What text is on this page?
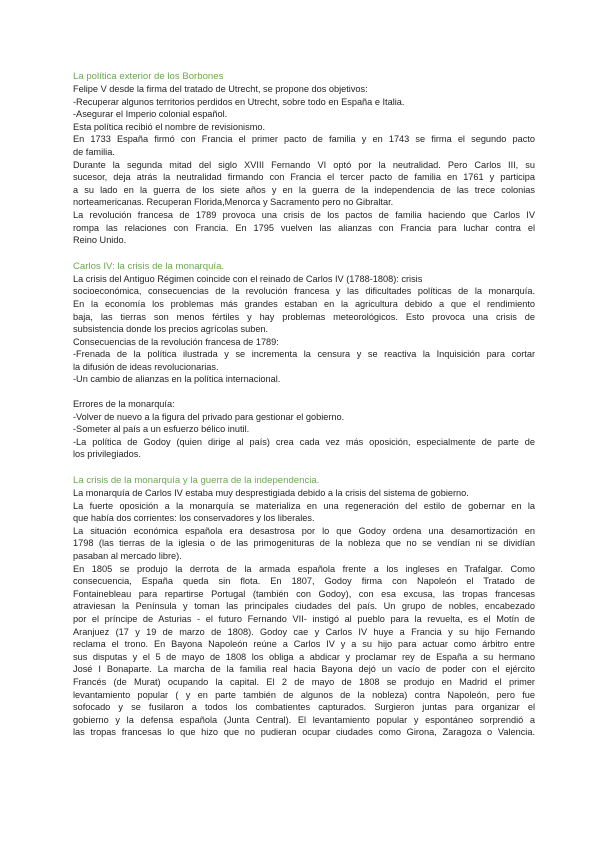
La política exterior de los Borbones
Felipe V desde la firma del tratado de Utrecht, se propone dos objetivos:
-Recuperar algunos territorios perdidos en Utrecht, sobre todo en España e Italia.
-Asegurar el Imperio colonial español.
Esta política recibió el nombre de revisionismo.
En 1733 España firmó con Francia el primer pacto de familia y en 1743 se firma el segundo pacto
de familia.
Durante la segunda mitad del siglo XVIII Fernando VI optó por la neutralidad. Pero Carlos III, su
sucesor, deja atrás la neutralidad firmando con Francia el tercer pacto de familia en 1761 y participa
a su lado en la guerra de los siete años y en la guerra de la independencia de las trece colonias
norteamericanas. Recuperan Florida,Menorca y Sacramento pero no Gibraltar.
La revolución francesa de 1789 provoca una crisis de los pactos de familia haciendo que Carlos IV
rompa las relaciones con Francia. En 1795 vuelven las alianzas con Francia para luchar contra el
Reino Unido.
Carlos IV: la crisis de la monarquía.
La crisis del Antiguo Régimen coincide con el reinado de Carlos IV (1788-1808): crisis
socioeconómica, consecuencias de la revolución francesa y las dificultades políticas de la monarquía.
En la economía los problemas más grandes estaban en la agricultura debido a que el rendimiento
baja, las tierras son menos fértiles y hay problemas meteorológicos. Esto provoca una crisis de
subsistencia donde los precios agrícolas suben.
Consecuencias de la revolución francesa de 1789:
-Frenada de la política ilustrada y se incrementa la censura y se reactiva la Inquisición para cortar
la difusión de ideas revolucionarias.
-Un cambio de alianzas en la política internacional.
Errores de la monarquía:
-Volver de nuevo a la figura del privado para gestionar el gobierno.
-Someter al país a un esfuerzo bélico inutil.
-La política de Godoy (quien dirige al país) crea cada vez más oposición, especialmente de parte de
los privilegiados.
La crisis de la monarquía y la guerra de la independencia.
La monarquía de Carlos IV estaba muy desprestigiada debido a la crisis del sistema de gobierno.
La fuerte oposición a la monarquía se materializa en una regeneración del estilo de gobernar en la
que había dos corrientes: los conservadores y los liberales.
La situación económica española era desastrosa por lo que Godoy ordena una desamortización en
1798 (las tierras de la iglesia o de las primogenituras de la nobleza que no se vendían ni se dividían
pasaban al mercado libre).
En 1805 se produjo la derrota de la armada española frente a los ingleses en Trafalgar. Como
consecuencia, España queda sin flota. En 1807, Godoy firma con Napoleón el Tratado de
Fontainebleau para repartirse Portugal (también con Godoy), con esa excusa, las tropas francesas
atraviesan la Península y toman las principales ciudades del país. Un grupo de nobles, encabezado
por el príncipe de Asturias - el futuro Fernando VII- instigó al pueblo para la revuelta, es el Motín de
Aranjuez (17 y 19 de marzo de 1808). Godoy cae y Carlos IV huye a Francia y su hijo Fernando
reclama el trono. En Bayona Napoleón reúne a Carlos IV y a su hijo para actuar como árbitro entre
sus disputas y el 5 de mayo de 1808 los obliga a abdicar y proclamar rey de España a su hermano
José I Bonaparte. La marcha de la familia real hacia Bayona dejó un vacío de poder con el ejército
Francés (de Murat) ocupando la capital. El 2 de mayo de 1808 se produjo en Madrid el primer
levantamiento popular ( y en parte también de algunos de la nobleza) contra Napoleón, pero fue
sofocado y se fusilaron a todos los combatientes capturados. Surgieron juntas para organizar el
gobierno y la defensa española (Junta Central). El levantamiento popular y espontáneo sorprendió a
las tropas francesas lo que hizo que no pudieran ocupar ciudades como Girona, Zaragoza o Valencia.
